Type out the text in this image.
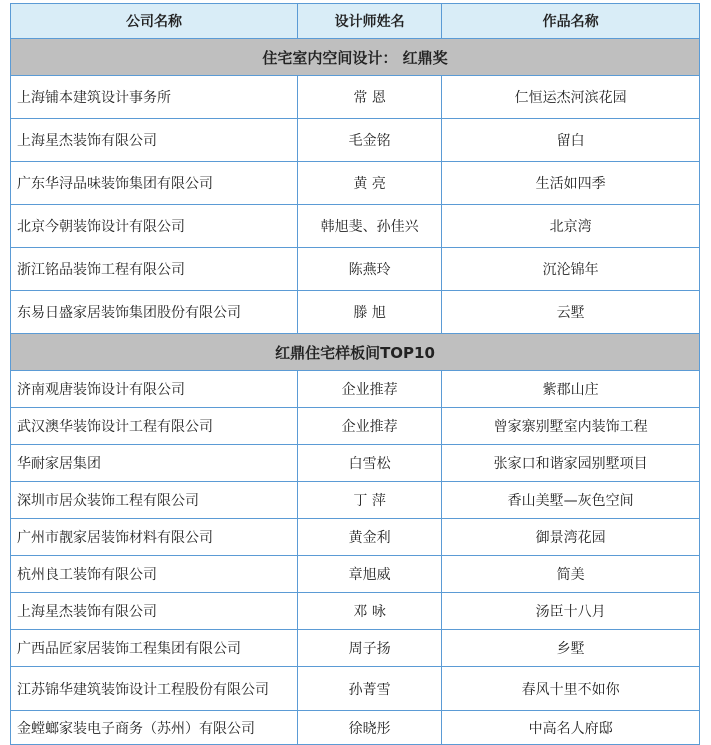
公司名称	设计师姓名	作品名称
住宅室内空间设计： 红鼎奖		
上海铺本建筑设计事务所	常 恩	仁恒运杰河滨花园
上海星杰装饰有限公司	毛金铭	留白
广东华浔品味装饰集团有限公司	黄 亮	生活如四季
北京今朝装饰设计有限公司	韩旭斐、孙佳兴	北京湾
浙江铭品装饰工程有限公司	陈燕玲	沉沦锦年
东易日盛家居装饰集团股份有限公司	滕 旭	云墅
红鼎住宅样板间TOP10		
济南观唐装饰设计有限公司	企业推荐	紫郡山庄
武汉澳华装饰设计工程有限公司	企业推荐	曾家寨别墅室内装饰工程
华耐家居集团	白雪松	张家口和谐家园别墅项目
深圳市居众装饰工程有限公司	丁 萍	香山美墅—灰色空间
广州市靓家居装饰材料有限公司	黄金利	御景湾花园
杭州良工装饰有限公司	章旭威	简美
上海星杰装饰有限公司	邓 咏	汤臣十八月
广西品匠家居装饰工程集团有限公司	周子扬	乡墅
江苏锦华建筑装饰设计工程股份有限公司	孙菁雪	春风十里不如你
金螳螂家装电子商务（苏州）有限公司	徐晓彤	中高名人府邸
